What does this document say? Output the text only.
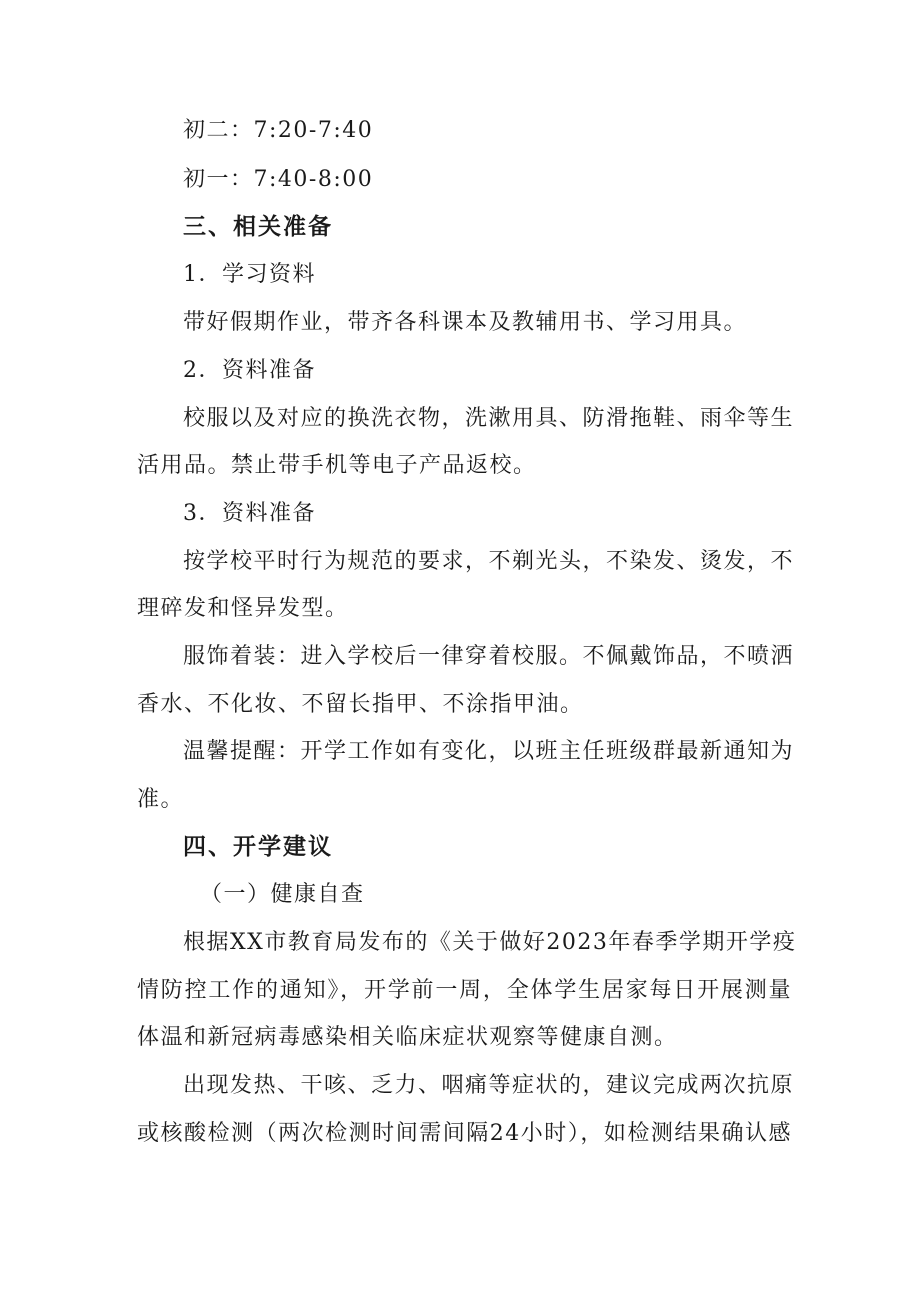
初二：7:20-7:40
初一：7:40-8:00
三、相关准备
1．学习资料
带好假期作业，带齐各科课本及教辅用书、学习用具。
2．资料准备
校服以及对应的换洗衣物，洗漱用具、防滑拖鞋、雨伞等生
活用品。禁止带手机等电子产品返校。
3．资料准备
按学校平时行为规范的要求，不剃光头，不染发、烫发，不
理碎发和怪异发型。
服饰着装：进入学校后一律穿着校服。不佩戴饰品，不喷洒
香水、不化妆、不留长指甲、不涂指甲油。
温馨提醒：开学工作如有变化，以班主任班级群最新通知为
准。
四、开学建议
（一）健康自查
根据XX市教育局发布的《关于做好2023年春季学期开学疫
情防控工作的通知》，开学前一周，全体学生居家每日开展测量
体温和新冠病毒感染相关临床症状观察等健康自测。
出现发热、干咳、乏力、咽痛等症状的，建议完成两次抗原
或核酸检测（两次检测时间需间隔24小时），如检测结果确认感
